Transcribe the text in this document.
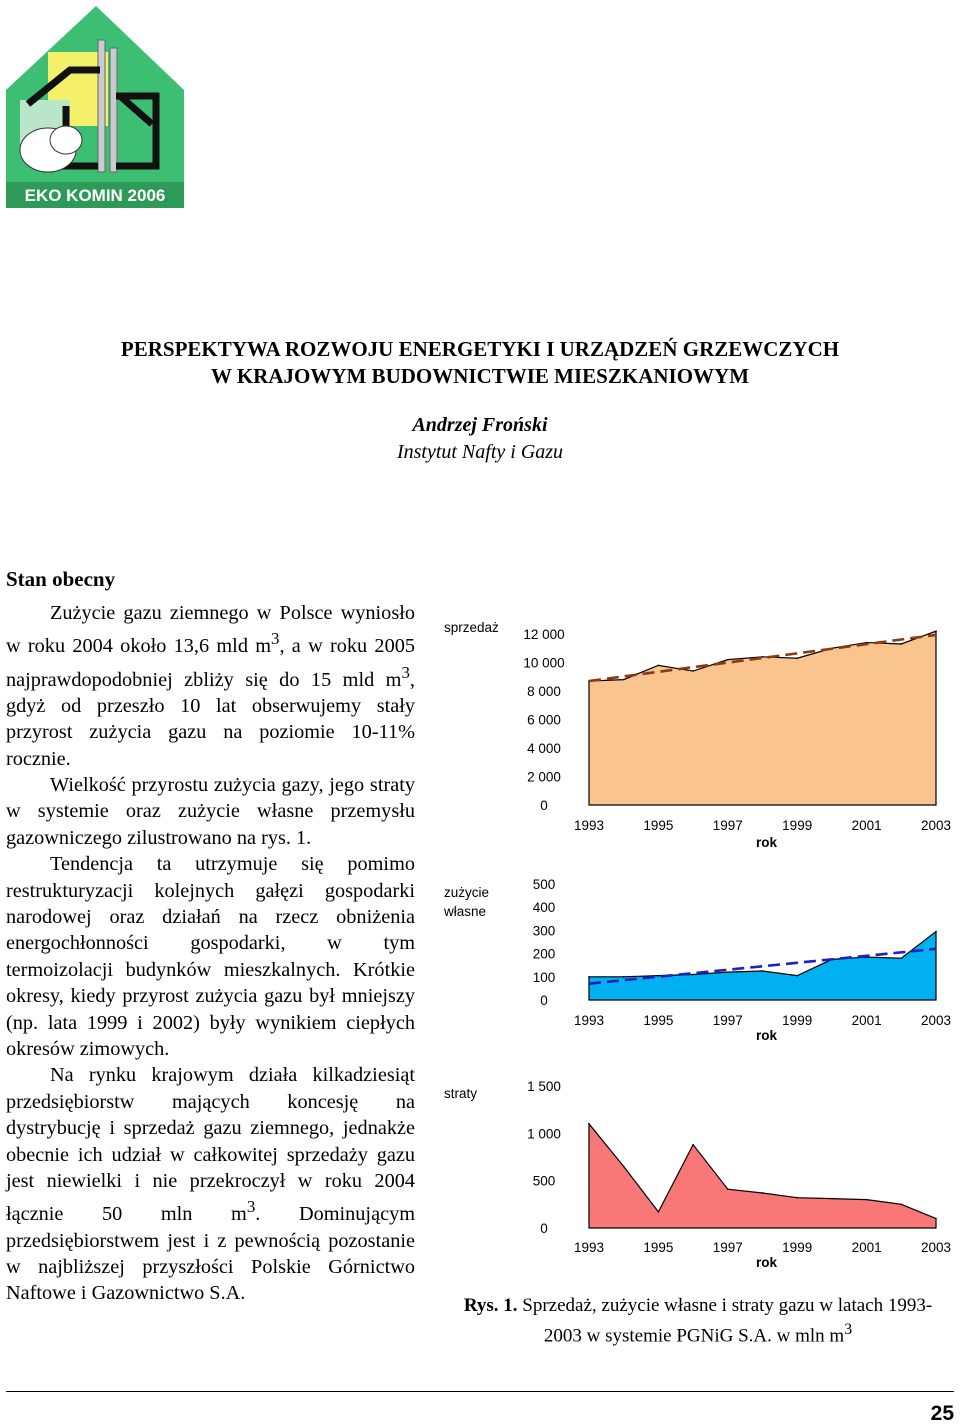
EKO KOMIN 2006
PERSPEKTYWA ROZWOJU ENERGETYKI I URZĄDZEŃ GRZEWCZYCH
W KRAJOWYM BUDOWNICTWIE MIESZKANIOWYM
Andrzej Froński
Instytut Nafty i Gazu
Stan obecny

Zużycie gazu ziemnego w Polsce wyniosło w roku 2004 około 13,6 mld $m^3$, a w roku 2005 najprawdopodobniej zbliży się do 15 mld $m^3$, gdyż od przeszło 10 lat obserwujemy stały przyrost zużycia gazu na poziomie 10-11% rocznie.

Wielkość przyrostu zużycia gazy, jego straty w systemie oraz zużycie własne przemysłu gazowniczego zilustrowano na rys. 1.

Tendencja ta utrzymuje się pomimo restrukturyzacji kolejnych gałęzi gospodarki narodowej oraz działań na rzecz obniżenia energochłonności gospodarki, w tym termoizolacji budynków mieszkalnych. Krótkie okresy, kiedy przyrost zużycia gazu był mniejszy (np. lata 1999 i 2002) były wynikiem ciepłych okresów zimowych.

Na rynku krajowym działa kilkadziesiąt przedsiębiorstw mających koncesję na dystrybucję i sprzedaż gazu ziemnego, jednakże obecnie ich udział w całkowitej sprzedaży gazu jest niewielki i nie przekroczył w roku 2004 łącznie 50 mln $m^3$. Dominującym przedsiębiorstwem jest i z pewnością pozostanie w najbliższej przyszłości Polskie Górnictwo Naftowe i Gazownictwo S.A.

sprzedaż
0
2 000
4 000
6 000
8 000
10 000
12 000
1993	1995	1997	1999	2001	2003
rok
zużycie
własne
0
100
200
300
400
500
1993	1995	1997	1999	2001	2003
rok
straty
0
500
1 000
1 500
1993	1995	1997	1999	2001	2003
rok
Rys. 1. Sprzedaż, zużycie własne i straty gazu w latach 1993-2003 w systemie PGNiG S.A. w mln $m^3$
25
